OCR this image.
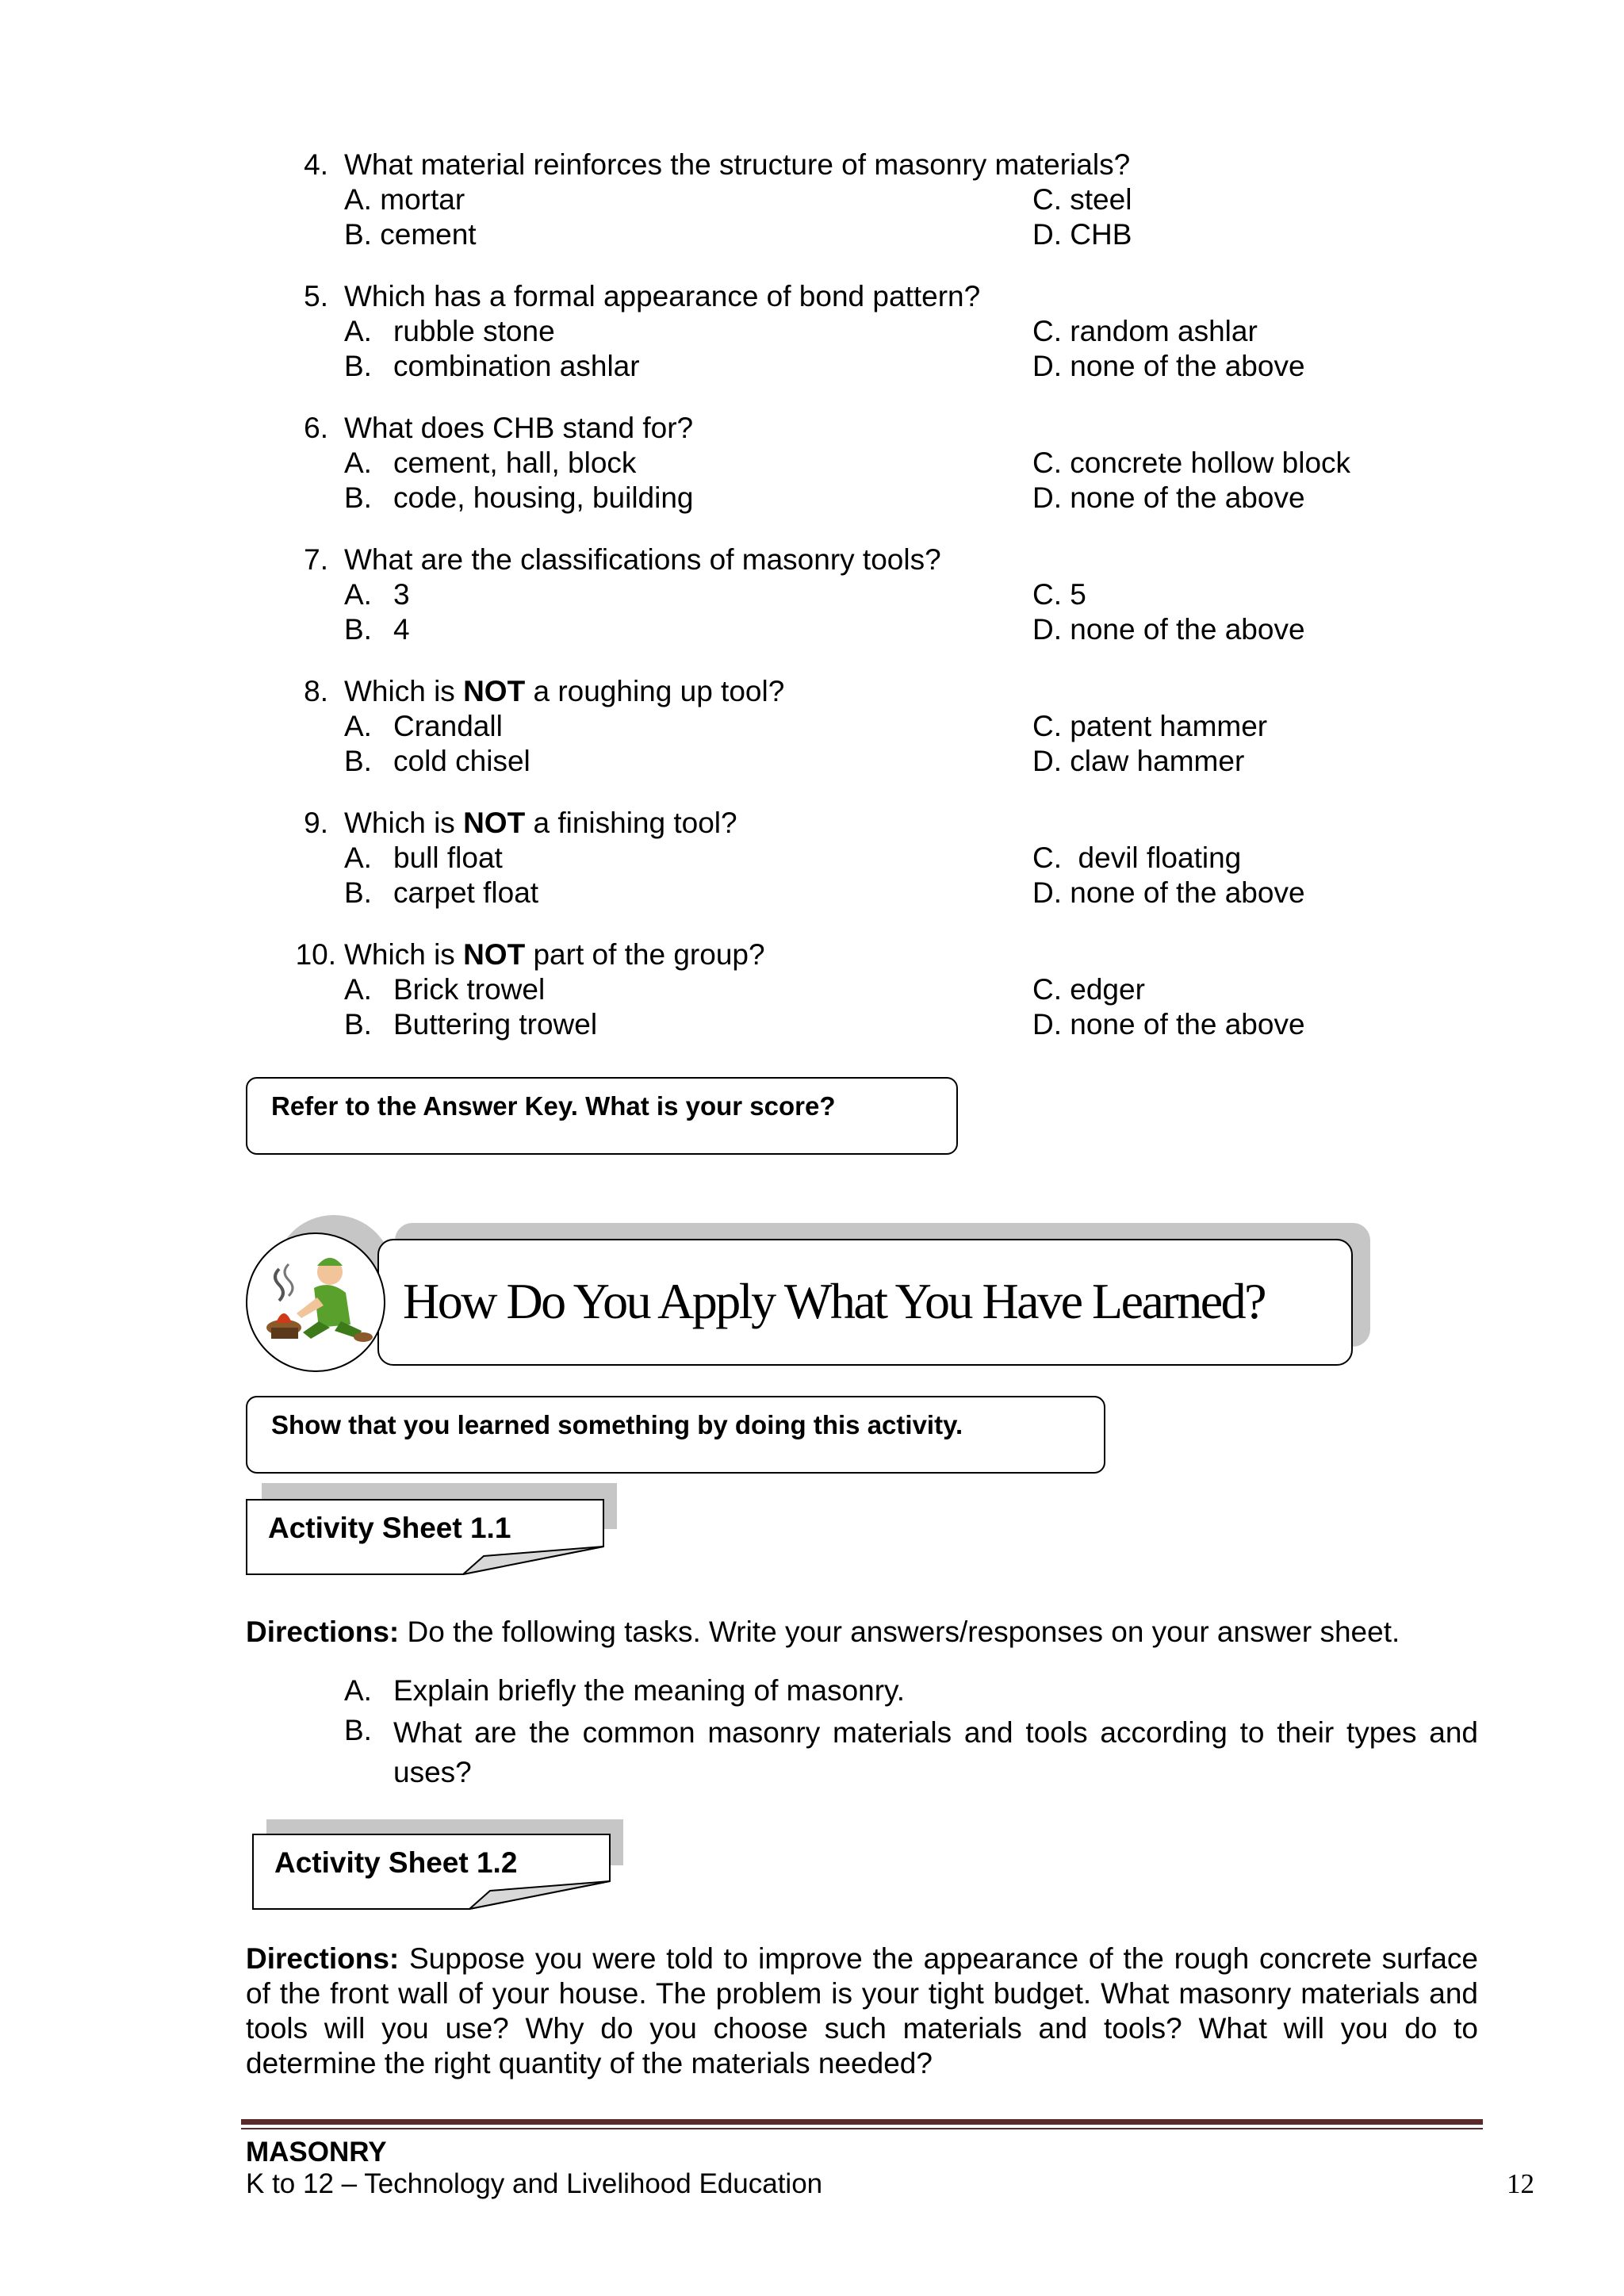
4. What material reinforces the structure of masonry materials?
A. mortar	C. steel
B. cement	D. CHB
5. Which has a formal appearance of bond pattern?
A. rubble stone	C. random ashlar
B. combination ashlar	D. none of the above
6. What does CHB stand for?
A. cement, hall, block	C. concrete hollow block
B. code, housing, building	D. none of the above
7. What are the classifications of masonry tools?
A. 3	C. 5
B. 4	D. none of the above
8. Which is NOT a roughing up tool?
A. Crandall	C. patent hammer
B. cold chisel	D. claw hammer
9. Which is NOT a finishing tool?
A. bull float	C.  devil floating
B. carpet float	D. none of the above
10. Which is NOT part of the group?
A. Brick trowel	C. edger
B. Buttering trowel	D. none of the above
Refer to the Answer Key. What is your score?
How Do You Apply What You Have Learned?
Show that you learned something by doing this activity.
Activity Sheet 1.1
Directions: Do the following tasks. Write your answers/responses on your answer sheet.
A. Explain briefly the meaning of masonry.
B. What are the common masonry materials and tools according to their types and uses?
Activity Sheet 1.2
Directions: Suppose you were told to improve the appearance of the rough concrete surface of the front wall of your house. The problem is your tight budget. What masonry materials and tools will you use? Why do you choose such materials and tools? What will you do to determine the right quantity of the materials needed?
MASONRY
K to 12 – Technology and Livelihood Education	12
